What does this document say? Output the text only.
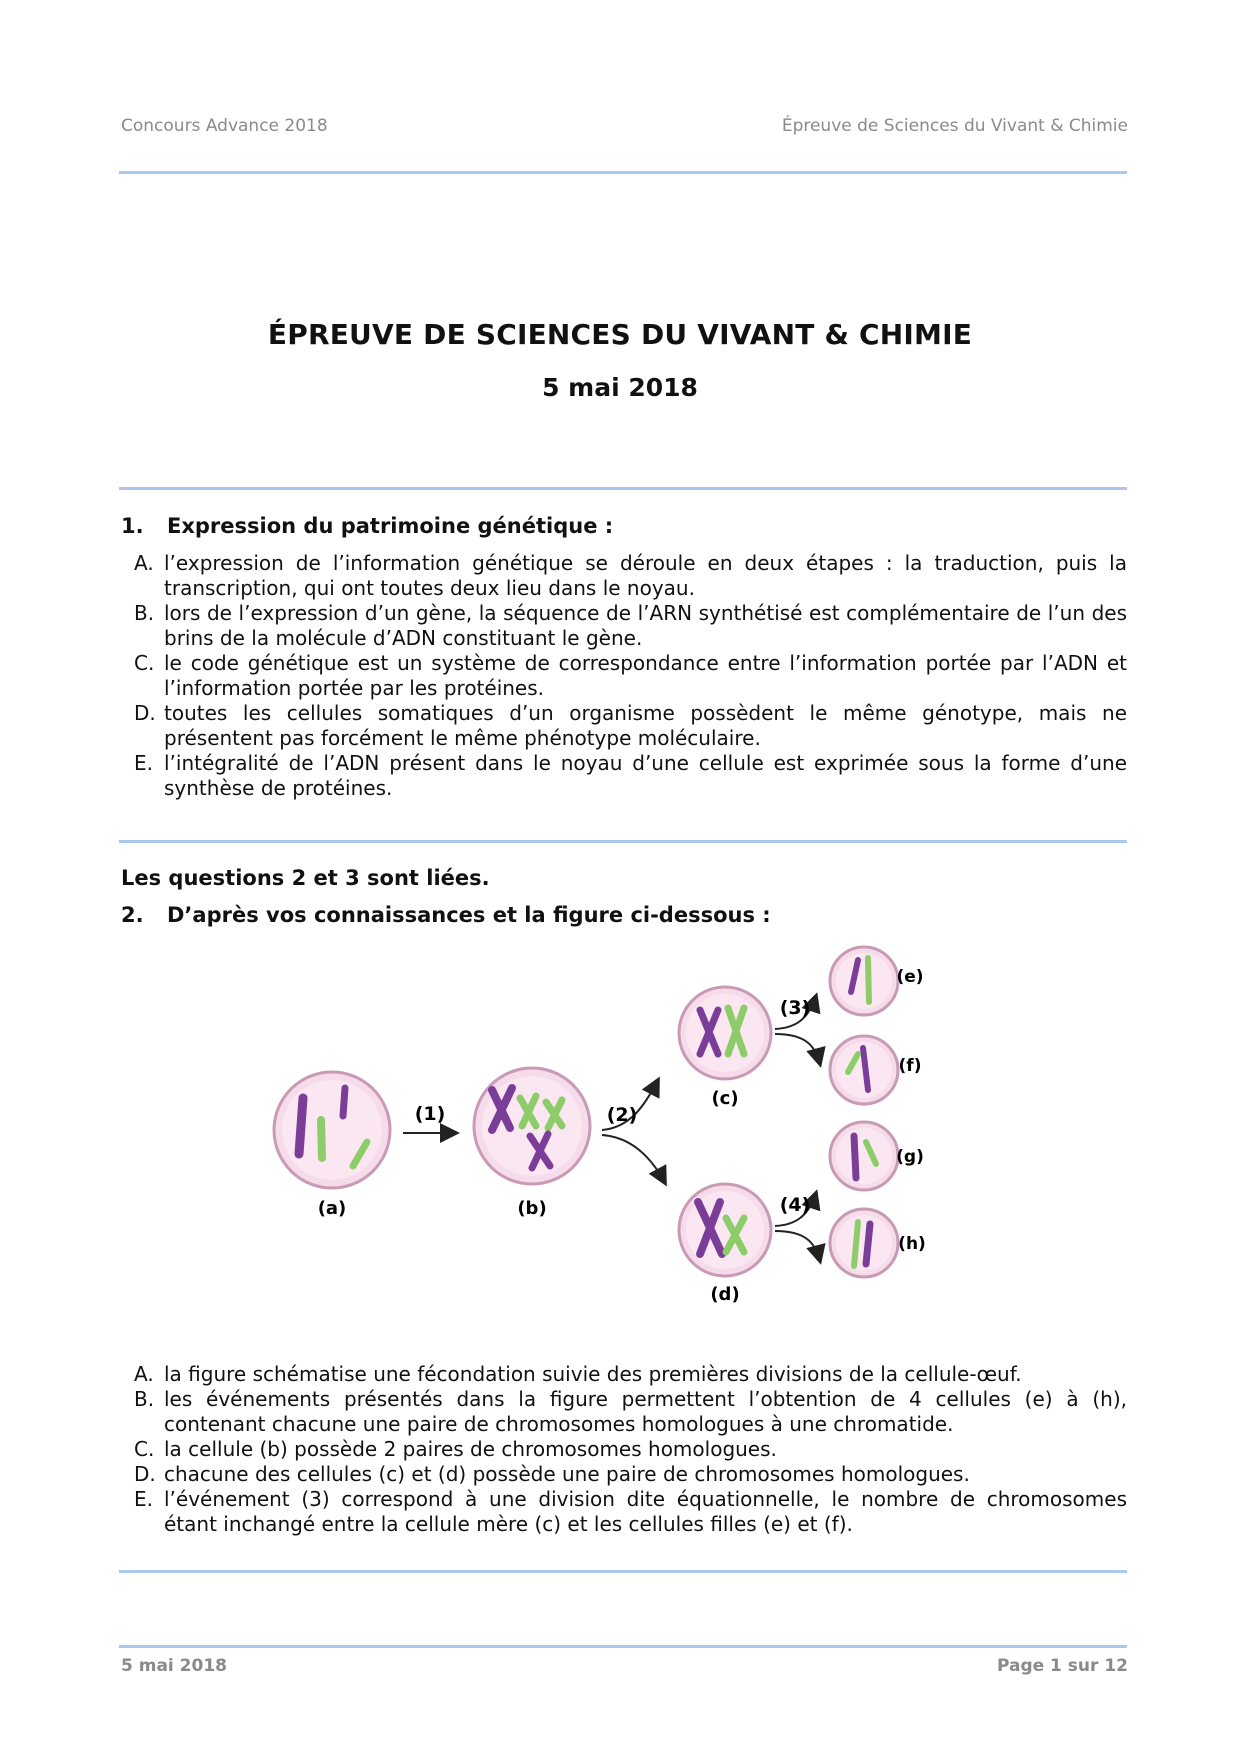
Concours Advance 2018	Épreuve de Sciences du Vivant & Chimie
ÉPREUVE DE SCIENCES DU VIVANT & CHIMIE
5 mai 2018
1. Expression du patrimoine génétique :
A. l’expression de l’information génétique se déroule en deux étapes : la traduction, puis la transcription, qui ont toutes deux lieu dans le noyau.
B. lors de l’expression d’un gène, la séquence de l’ARN synthétisé est complémentaire de l’un des brins de la molécule d’ADN constituant le gène.
C. le code génétique est un système de correspondance entre l’information portée par l’ADN et l’information portée par les protéines.
D. toutes les cellules somatiques d’un organisme possèdent le même génotype, mais ne présentent pas forcément le même phénotype moléculaire.
E. l’intégralité de l’ADN présent dans le noyau d’une cellule est exprimée sous la forme d’une synthèse de protéines.
Les questions 2 et 3 sont liées.
2. D’après vos connaissances et la figure ci-dessous :
(a)
(1)
(b)
(2)
(c)
(d)
(3)
(4)
(e)
(f)
(g)
(h)
A. la figure schématise une fécondation suivie des premières divisions de la cellule-œuf.
B. les événements présentés dans la figure permettent l’obtention de 4 cellules (e) à (h), contenant chacune une paire de chromosomes homologues à une chromatide.
C. la cellule (b) possède 2 paires de chromosomes homologues.
D. chacune des cellules (c) et (d) possède une paire de chromosomes homologues.
E. l’événement (3) correspond à une division dite équationnelle, le nombre de chromosomes étant inchangé entre la cellule mère (c) et les cellules filles (e) et (f).
5 mai 2018	Page 1 sur 12
